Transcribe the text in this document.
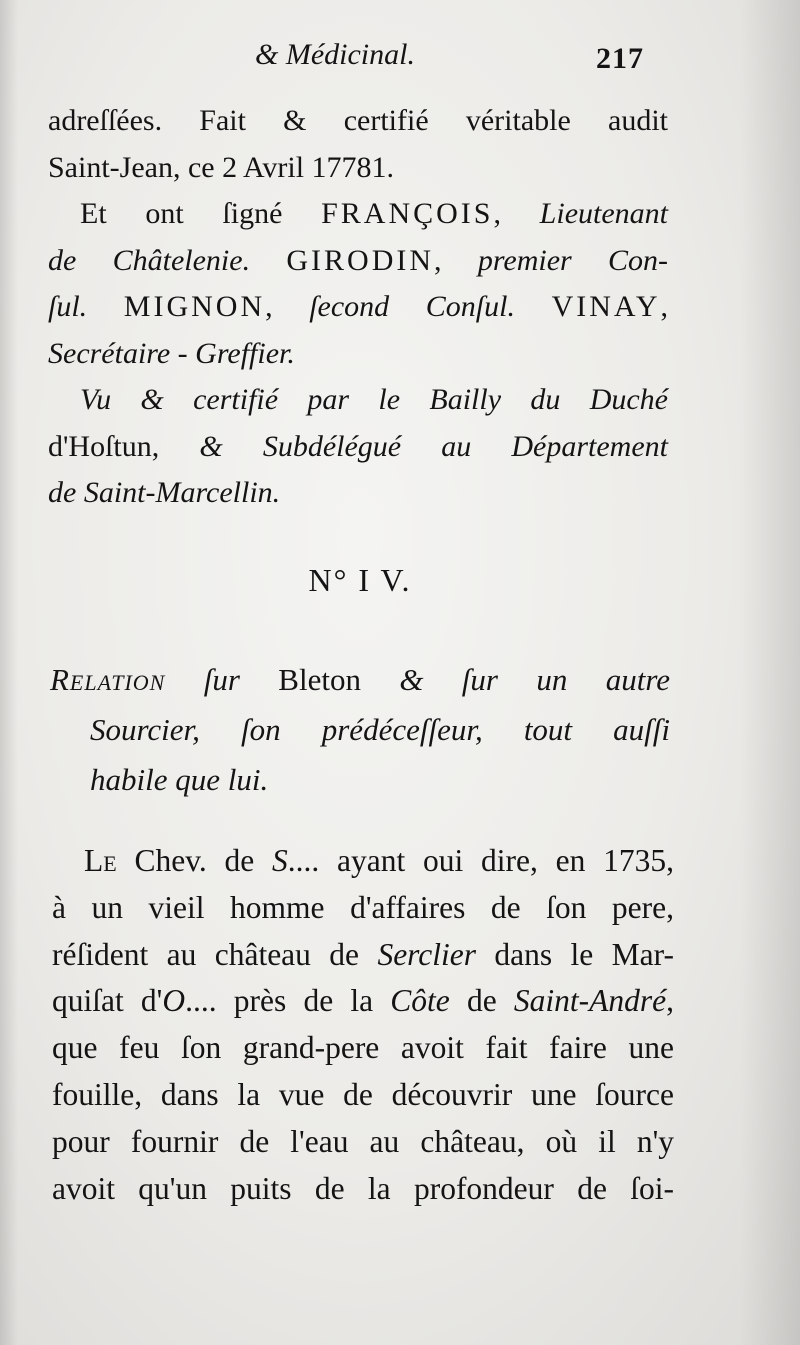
& Médicinal.	217
adreſſées. Fait & certifié véritable audit
Saint-Jean, ce 2 Avril 17781.
Et ont ſigné FRANÇOIS, Lieutenant
de Châtelenie. GIRODIN, premier Con-
ſul. MIGNON, ſecond Conſul. VINAY,
Secrétaire - Greffier.
Vu & certifié par le Bailly du Duché
d'Hoſtun, & Subdélégué au Département
de Saint-Marcellin.
N° I V.
Relation ſur Bleton & ſur un autre
Sourcier, ſon prédéceſſeur, tout auſſi
habile que lui.
Le Chev. de S.... ayant oui dire, en 1735,
à un vieil homme d'affaires de ſon pere,
réſident au château de Serclier dans le Mar-
quiſat d'O.... près de la Côte de Saint-André,
que feu ſon grand-pere avoit fait faire une
fouille, dans la vue de découvrir une ſource
pour fournir de l'eau au château, où il n'y
avoit qu'un puits de la profondeur de ſoi-
